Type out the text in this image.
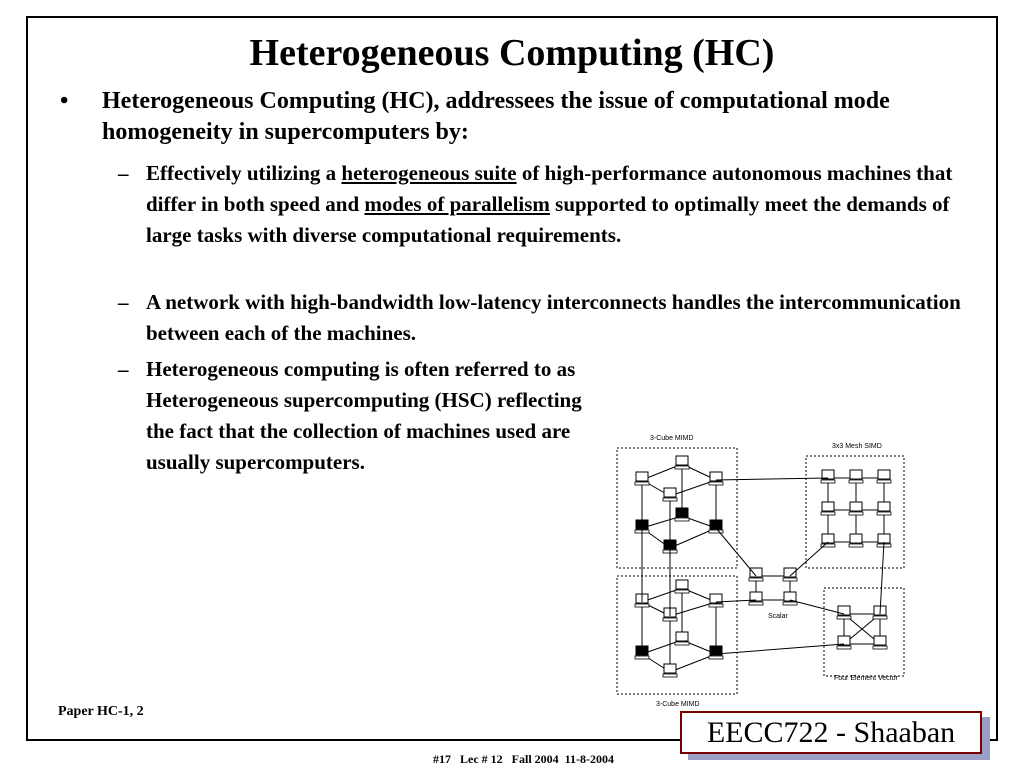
Heterogeneous Computing (HC)
•	Heterogeneous Computing (HC), addressees the issue of computational mode homogeneity in supercomputers by:
– Effectively utilizing a heterogeneous suite of high-performance autonomous machines that differ in both speed and modes of parallelism supported to optimally meet the demands of large tasks with diverse computational requirements.
– A network with high-bandwidth low-latency interconnects handles the intercommunication between each of the machines.
– Heterogeneous computing is often referred to as Heterogeneous supercomputing (HSC) reflecting the fact that the collection of machines used are usually supercomputers.
3-Cube MIMD
3x3 Mesh SIMD
Scalar
Four Element Vector
3-Cube MIMD
Paper HC-1, 2
EECC722 - Shaaban
#17   Lec # 12   Fall 2004  11-8-2004
